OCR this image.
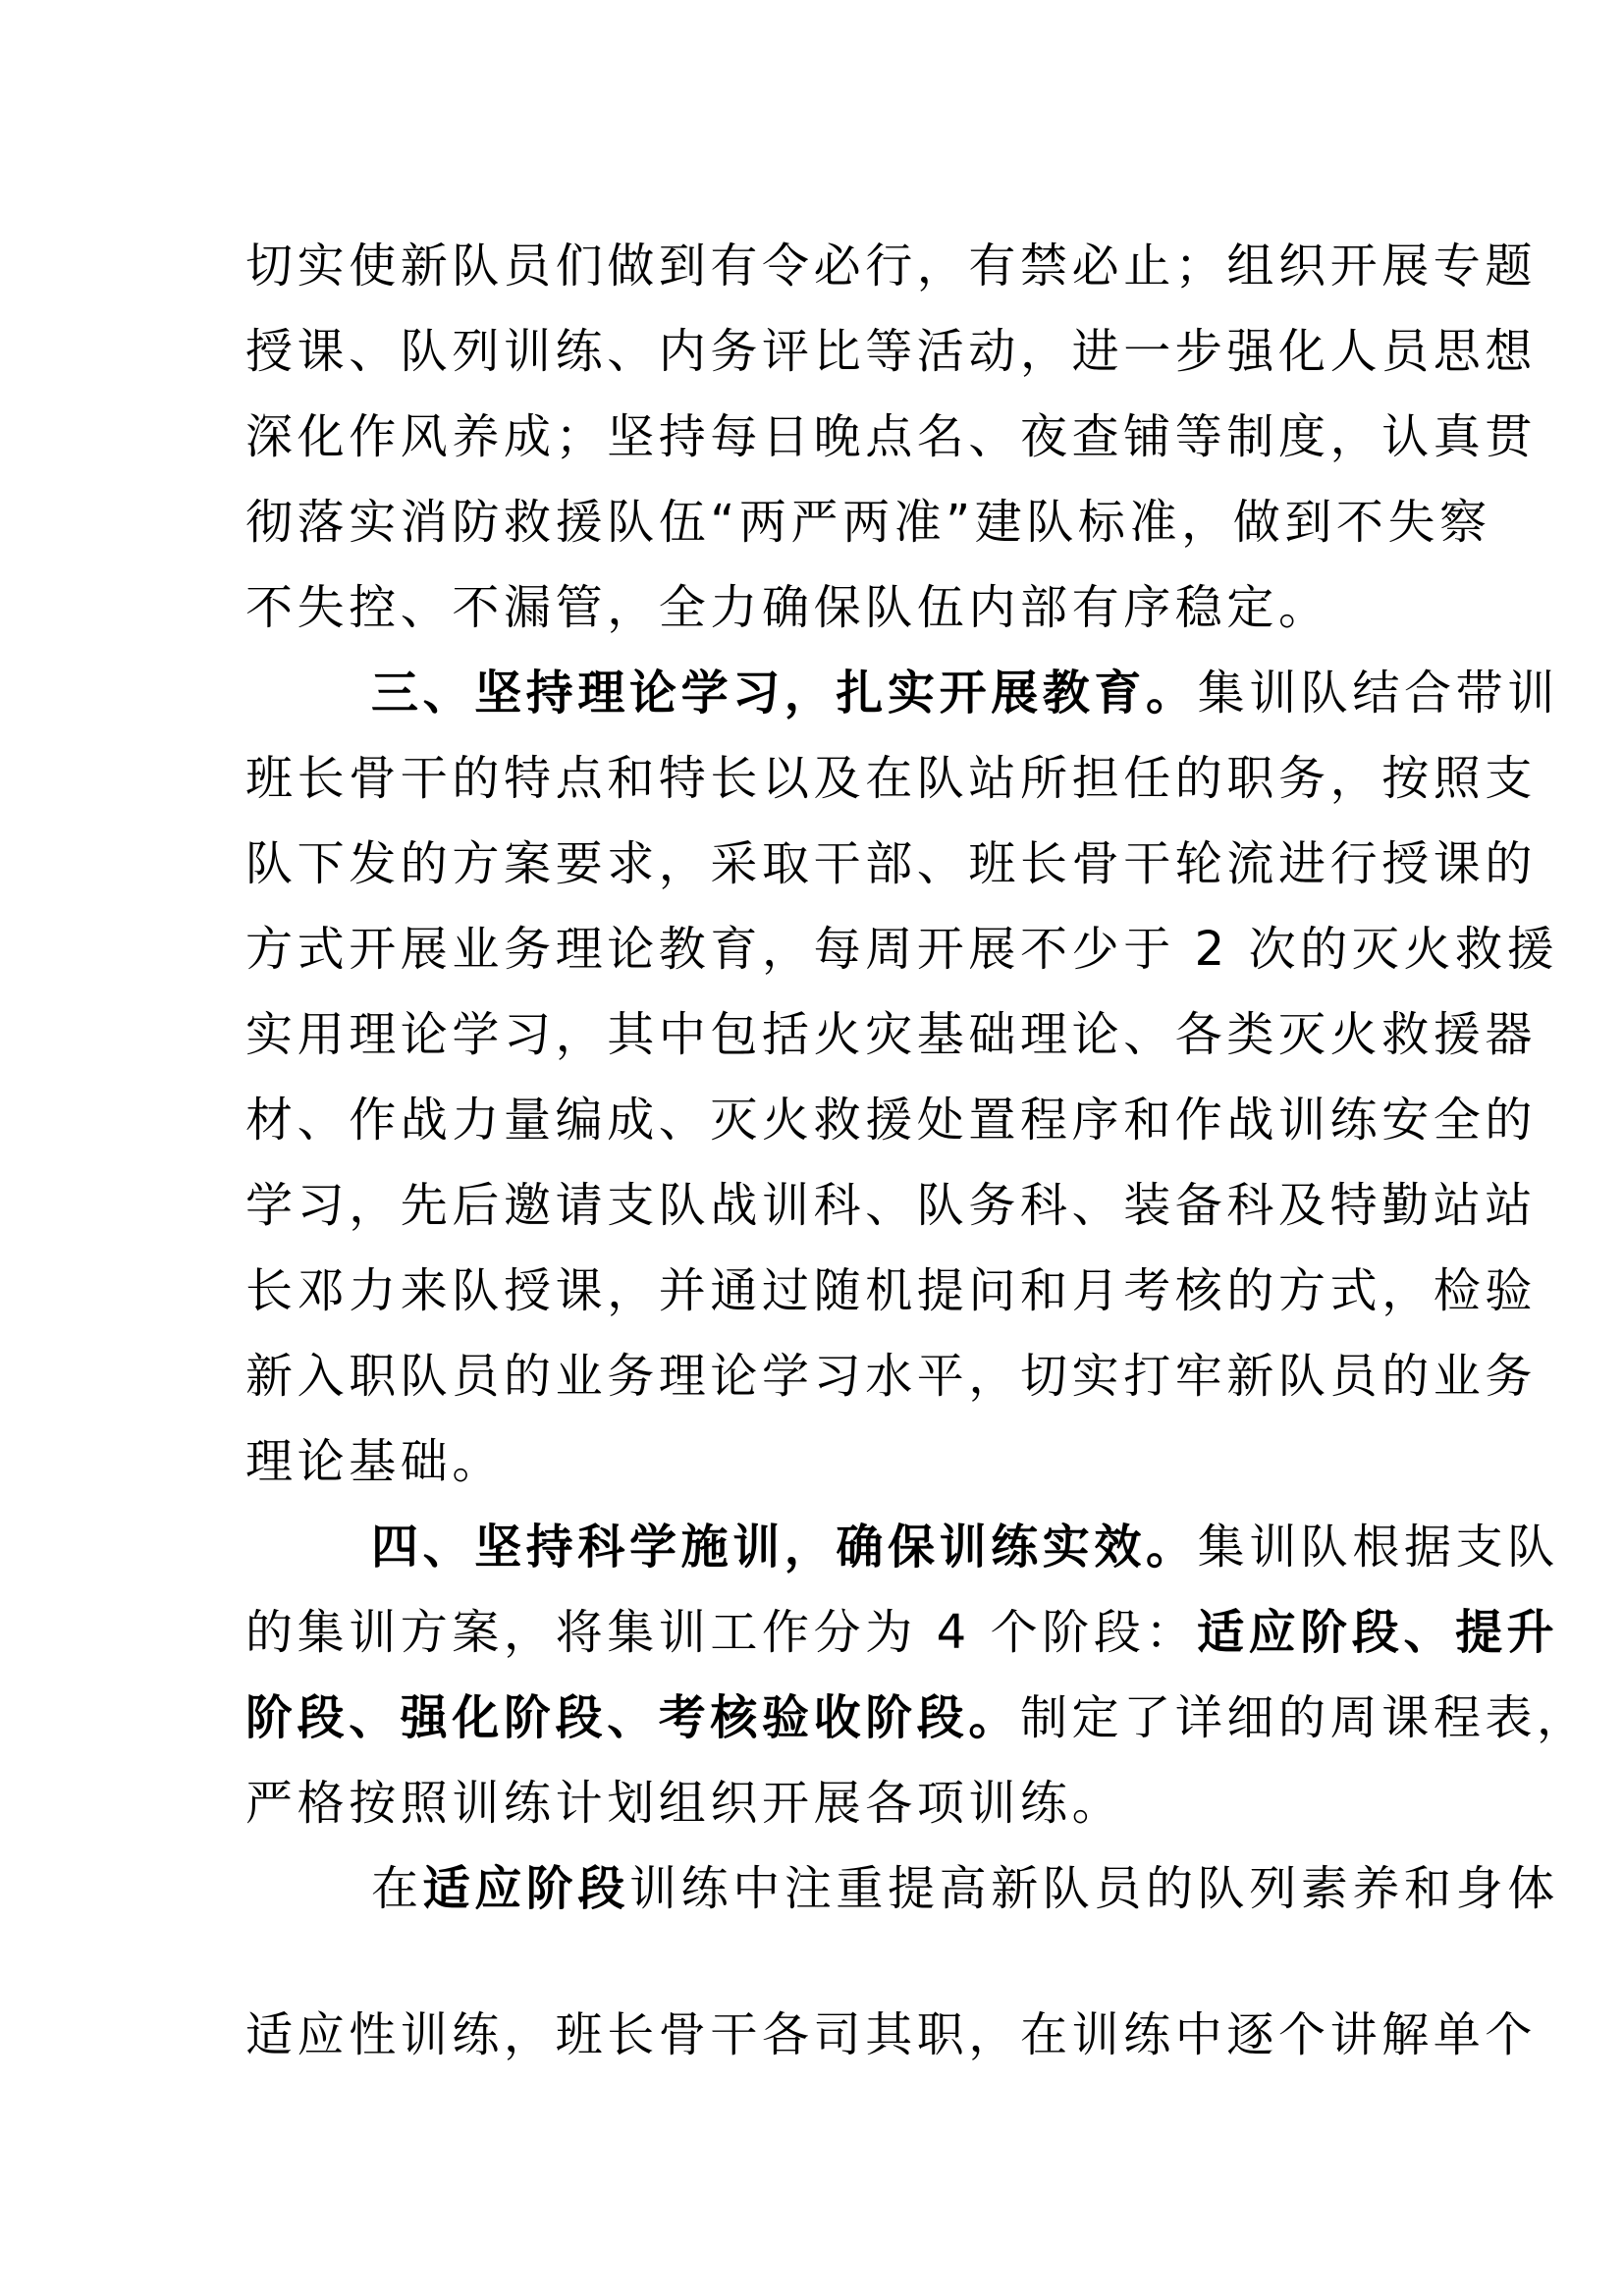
切实使新队员们做到有令必行，有禁必止；组织开展专题
授课、队列训练、内务评比等活动，进一步强化人员思想
深化作风养成；坚持每日晚点名、夜查铺等制度，认真贯
彻落实消防救援队伍“两严两准”建队标准，做到不失察
不失控、不漏管，全力确保队伍内部有序稳定。
三、坚持理论学习，扎实开展教育。集训队结合带训
班长骨干的特点和特长以及在队站所担任的职务，按照支
队下发的方案要求，采取干部、班长骨干轮流进行授课的
方式开展业务理论教育，每周开展不少于 2 次的灭火救援
实用理论学习，其中包括火灾基础理论、各类灭火救援器
材、作战力量编成、灭火救援处置程序和作战训练安全的
学习，先后邀请支队战训科、队务科、装备科及特勤站站
长邓力来队授课，并通过随机提问和月考核的方式，检验
新入职队员的业务理论学习水平，切实打牢新队员的业务
理论基础。
四、坚持科学施训，确保训练实效。集训队根据支队
的集训方案，将集训工作分为 4 个阶段：适应阶段、提升
阶段、强化阶段、考核验收阶段。制定了详细的周课程表，
严格按照训练计划组织开展各项训练。
在适应阶段训练中注重提高新队员的队列素养和身体
适应性训练，班长骨干各司其职，在训练中逐个讲解单个
